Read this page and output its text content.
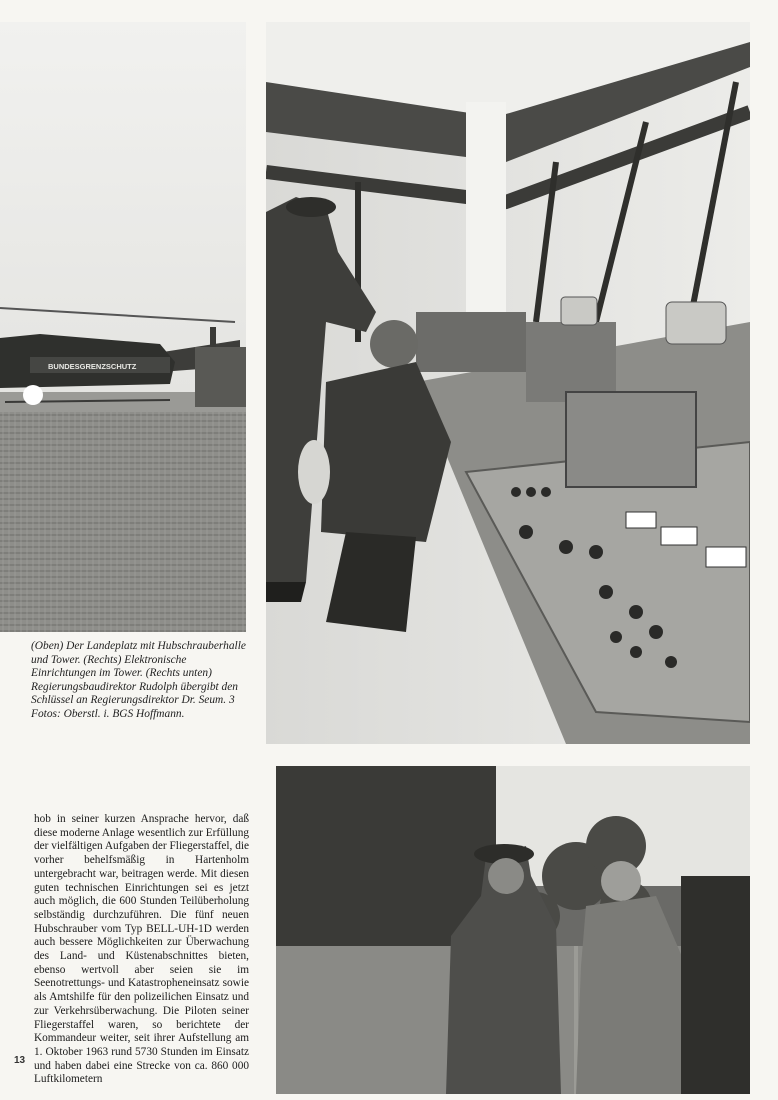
BUNDESGRENZSCHUTZ
(Oben) Der Landeplatz mit Hubschrauberhalle und Tower. (Rechts) Elektronische Einrichtungen im Tower. (Rechts unten) Regierungsbaudirektor Rudolph übergibt den Schlüssel an Regierungsdirektor Dr. Seum. 3 Fotos: Oberstl. i. BGS Hoffmann.
hob in seiner kurzen Ansprache hervor, daß diese moderne Anlage wesentlich zur Erfüllung der vielfältigen Aufgaben der Fliegerstaffel, die vorher behelfsmäßig in Hartenholm untergebracht war, beitragen werde. Mit diesen guten technischen Einrichtungen sei es jetzt auch möglich, die 600 Stunden Teilüberholung selbständig durchzuführen. Die fünf neuen Hubschrauber vom Typ BELL-UH-1D werden auch bessere Möglichkeiten zur Überwachung des Land- und Küstenabschnittes bieten, ebenso wertvoll aber seien sie im Seenotrettungs- und Katastropheneinsatz sowie als Amtshilfe für den polizeilichen Einsatz und zur Verkehrsüberwachung. Die Piloten seiner Fliegerstaffel waren, so berichtete der Kommandeur weiter, seit ihrer Aufstellung am 1. Oktober 1963 rund 5730 Stunden im Einsatz und haben dabei eine Strecke von ca. 860 000 Luftkilometern
13
